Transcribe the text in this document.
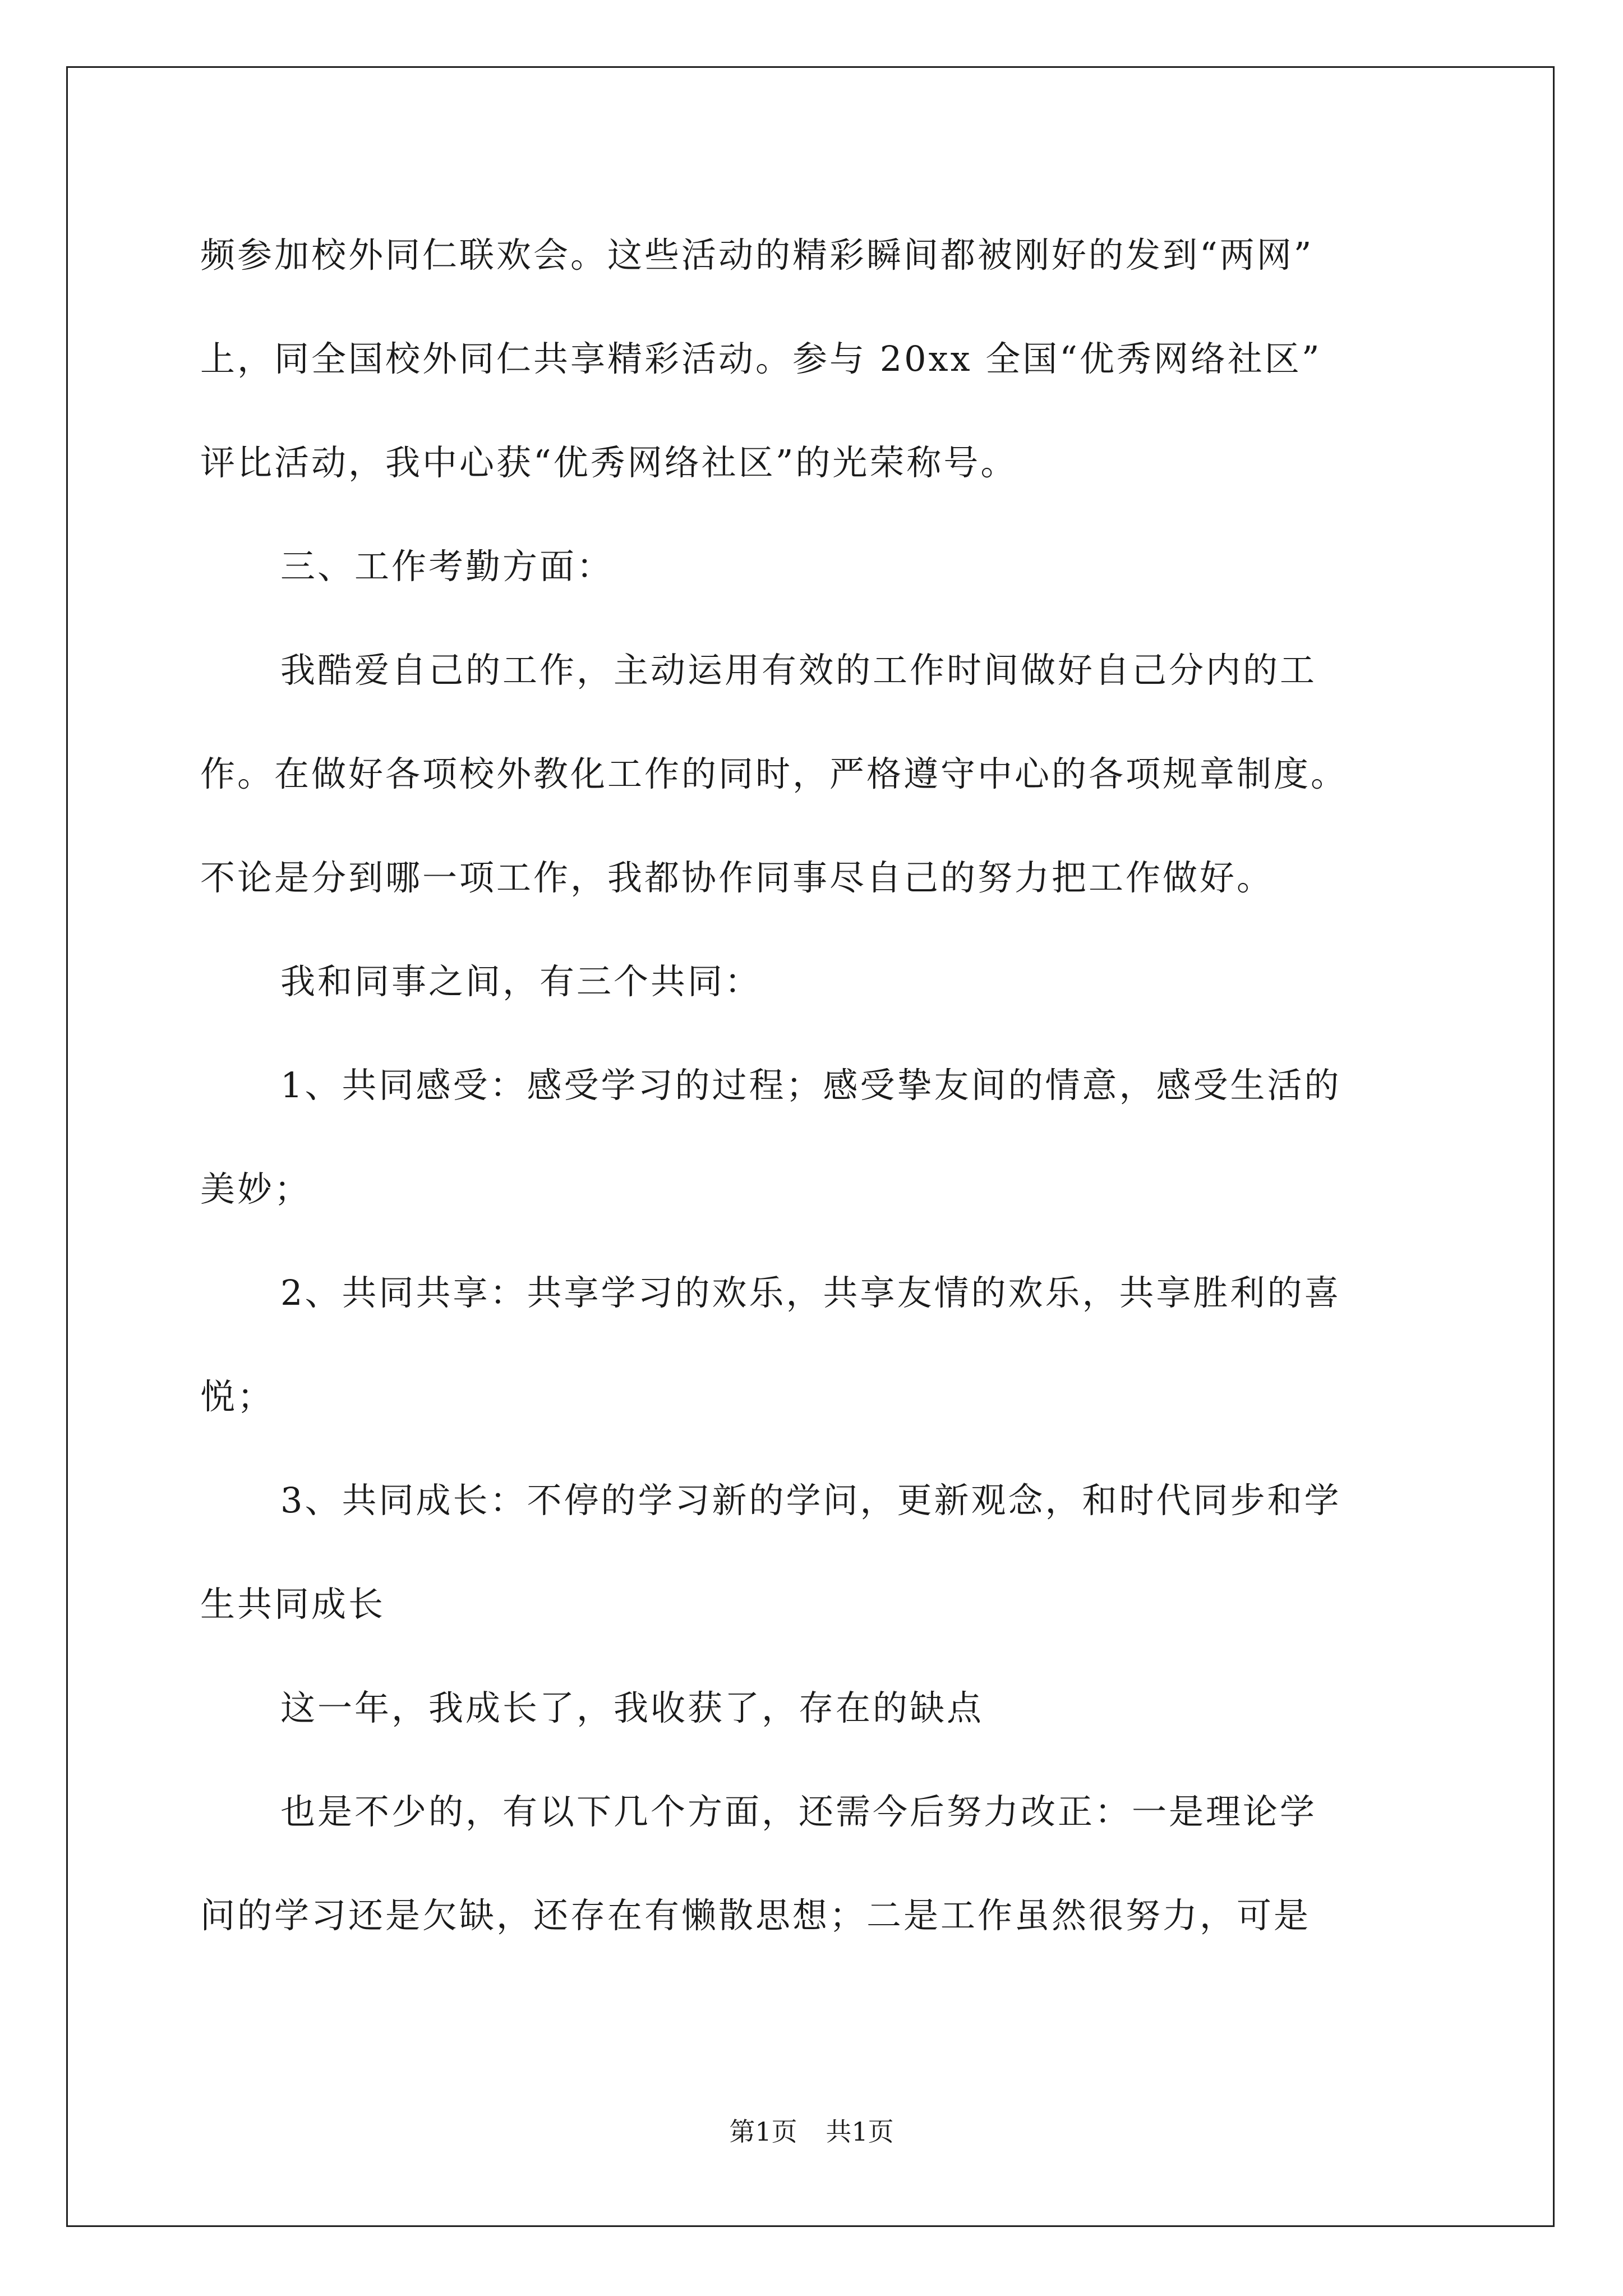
频参加校外同仁联欢会。这些活动的精彩瞬间都被刚好的发到“两网”
上，同全国校外同仁共享精彩活动。参与 20xx 全国“优秀网络社区”
评比活动，我中心获“优秀网络社区”的光荣称号。
三、工作考勤方面：
我酷爱自己的工作，主动运用有效的工作时间做好自己分内的工
作。在做好各项校外教化工作的同时，严格遵守中心的各项规章制度。
不论是分到哪一项工作，我都协作同事尽自己的努力把工作做好。
我和同事之间，有三个共同：
1、共同感受：感受学习的过程；感受挚友间的情意，感受生活的
美妙；
2、共同共享：共享学习的欢乐，共享友情的欢乐，共享胜利的喜
悦；
3、共同成长：不停的学习新的学问，更新观念，和时代同步和学
生共同成长
这一年，我成长了，我收获了，存在的缺点
也是不少的，有以下几个方面，还需今后努力改正：一是理论学
问的学习还是欠缺，还存在有懒散思想；二是工作虽然很努力，可是
第1页 共1页
